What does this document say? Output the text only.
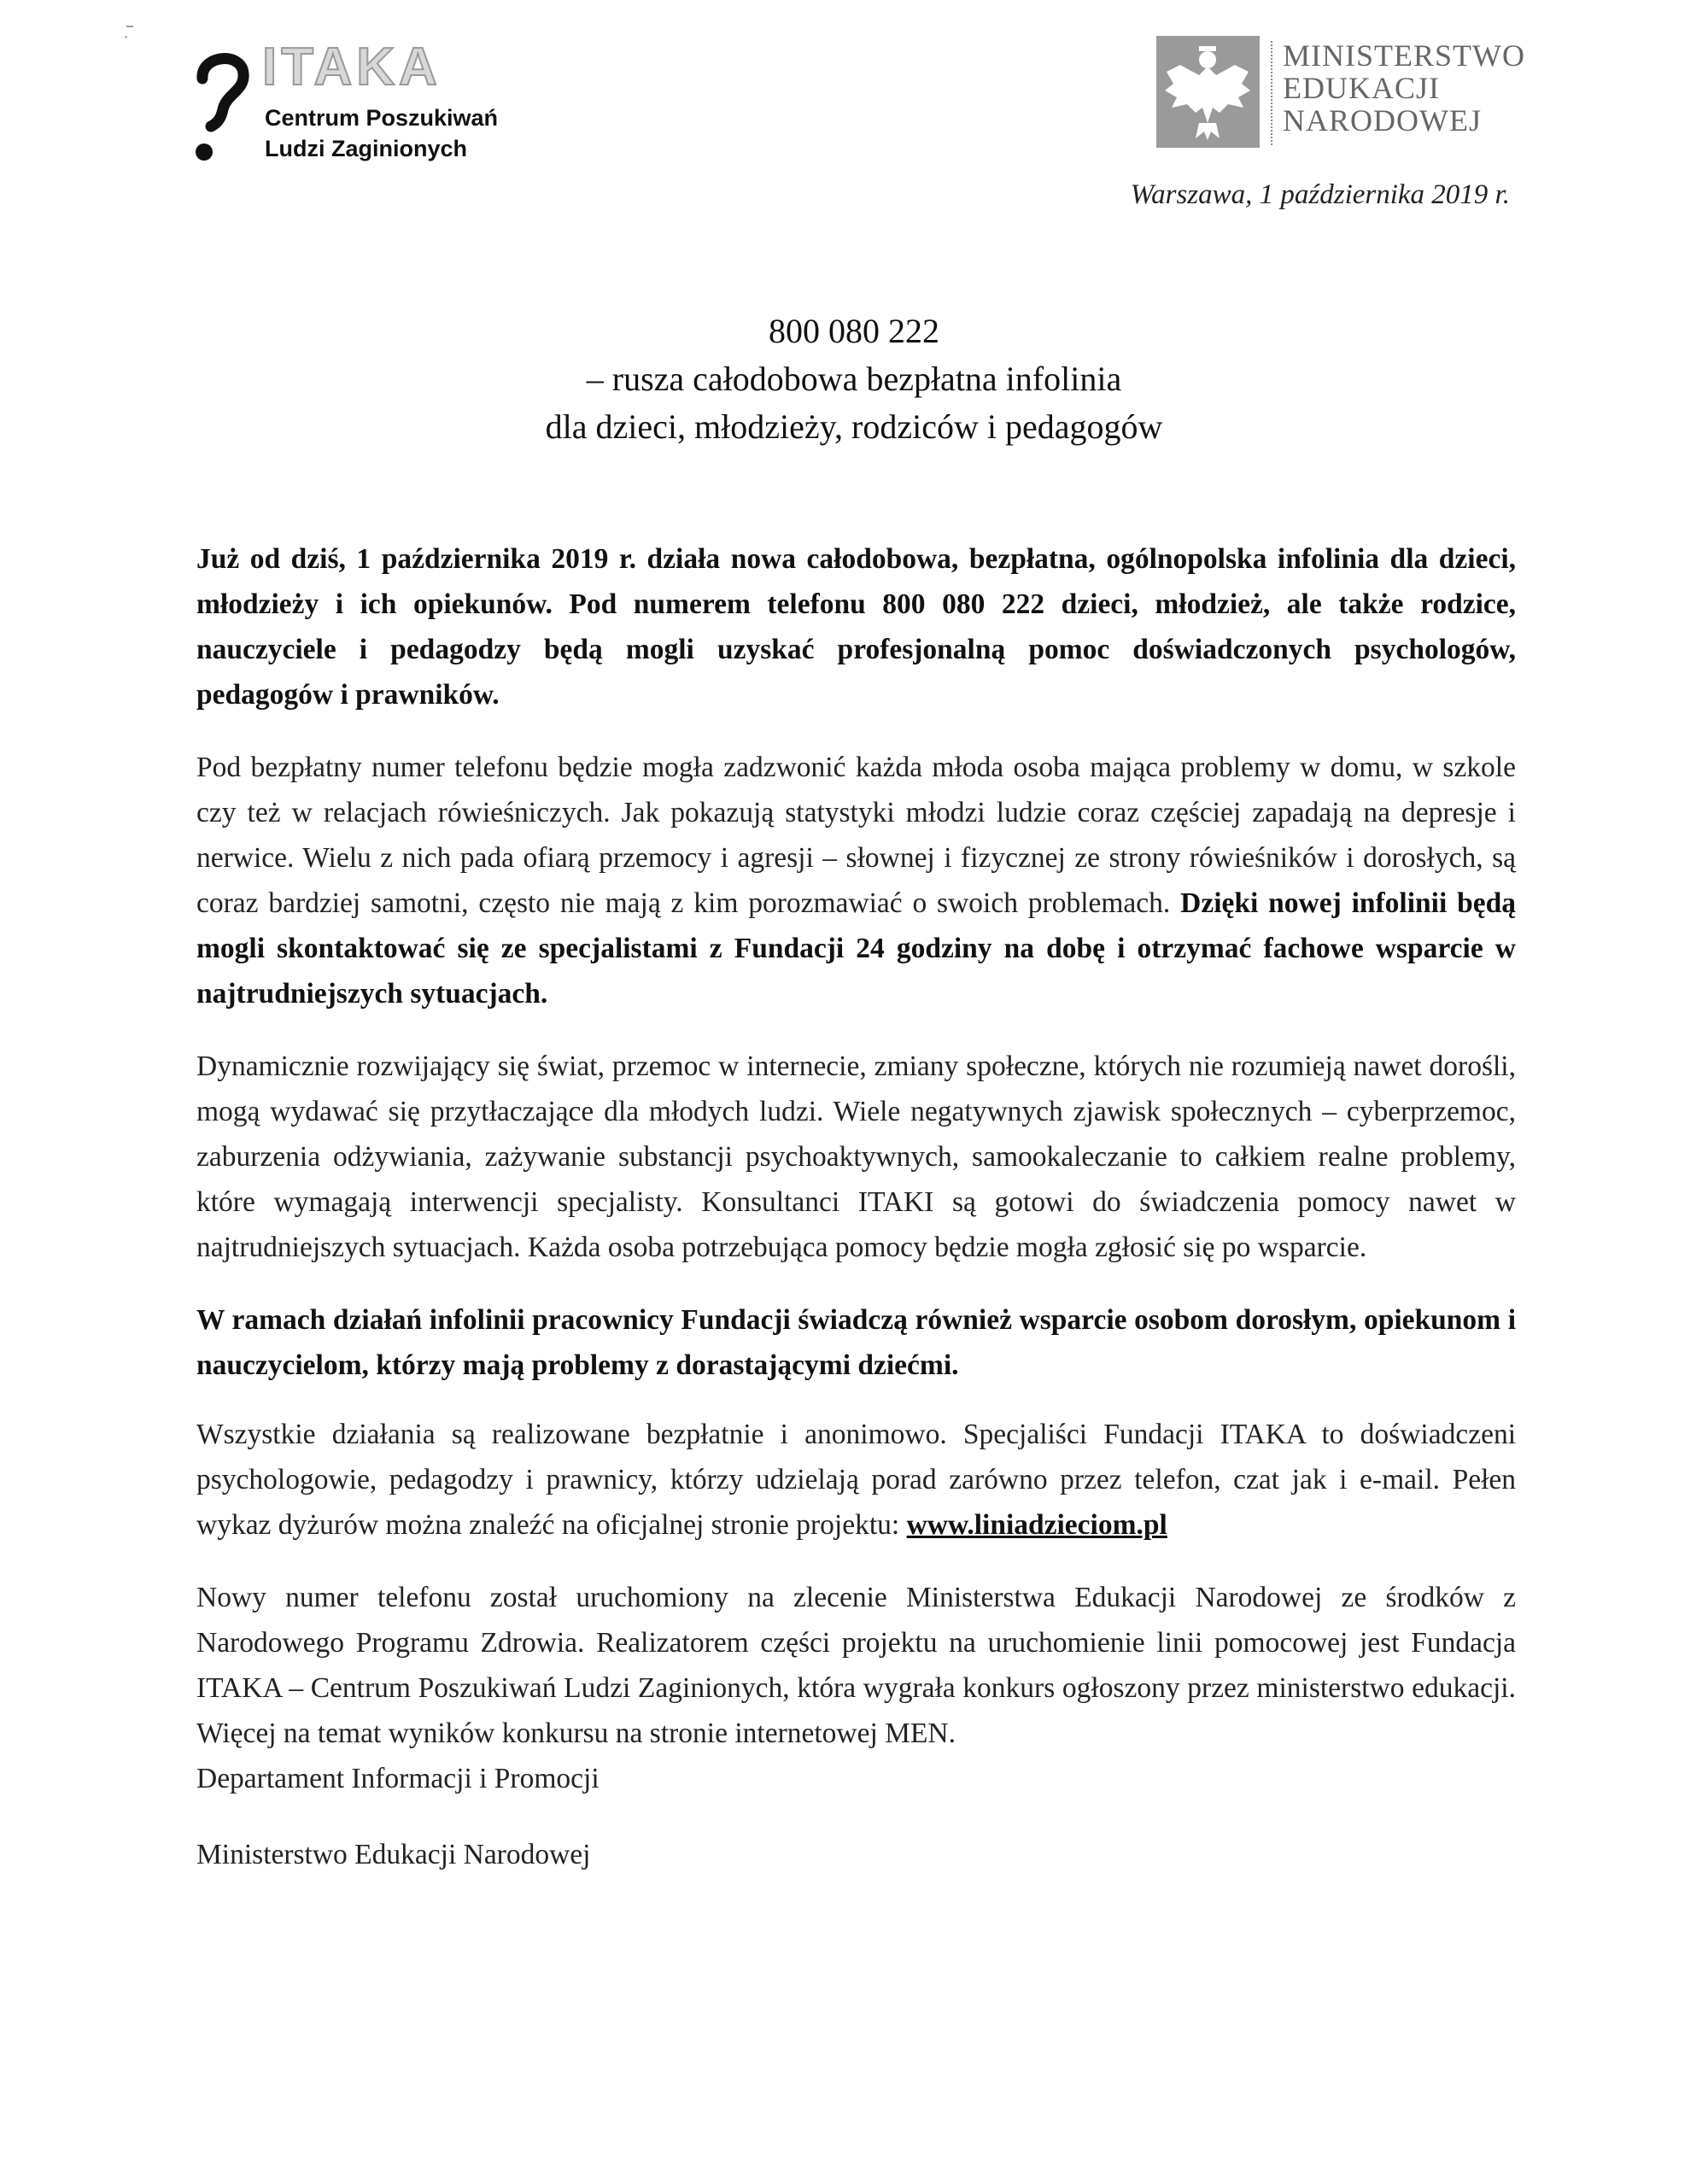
ITAKA
Centrum Poszukiwań
Ludzi Zaginionych
MINISTERSTWO
EDUKACJI
NARODOWEJ
Warszawa, 1 października 2019 r.
800 080 222
– rusza całodobowa bezpłatna infolinia
dla dzieci, młodzieży, rodziców i pedagogów

Już od dziś, 1 października 2019 r. działa nowa całodobowa, bezpłatna, ogólnopolska infolinia dla dzieci, młodzieży i ich opiekunów. Pod numerem telefonu 800 080 222 dzieci, młodzież, ale także rodzice, nauczyciele i pedagodzy będą mogli uzyskać profesjonalną pomoc doświadczonych psychologów, pedagogów i prawników.

Pod bezpłatny numer telefonu będzie mogła zadzwonić każda młoda osoba mająca problemy w domu, w szkole czy też w relacjach rówieśniczych. Jak pokazują statystyki młodzi ludzie coraz częściej zapadają na depresje i nerwice. Wielu z nich pada ofiarą przemocy i agresji – słownej i fizycznej ze strony rówieśników i dorosłych, są coraz bardziej samotni, często nie mają z kim porozmawiać o swoich problemach. Dzięki nowej infolinii będą mogli skontaktować się ze specjalistami z Fundacji 24 godziny na dobę i otrzymać fachowe wsparcie w najtrudniejszych sytuacjach.

Dynamicznie rozwijający się świat, przemoc w internecie, zmiany społeczne, których nie rozumieją nawet dorośli, mogą wydawać się przytłaczające dla młodych ludzi. Wiele negatywnych zjawisk społecznych – cyberprzemoc, zaburzenia odżywiania, zażywanie substancji psychoaktywnych, samookaleczanie to całkiem realne problemy, które wymagają interwencji specjalisty. Konsultanci ITAKI są gotowi do świadczenia pomocy nawet w najtrudniejszych sytuacjach. Każda osoba potrzebująca pomocy będzie mogła zgłosić się po wsparcie.

W ramach działań infolinii pracownicy Fundacji świadczą również wsparcie osobom dorosłym, opiekunom i nauczycielom, którzy mają problemy z dorastającymi dziećmi.

Wszystkie działania są realizowane bezpłatnie i anonimowo. Specjaliści Fundacji ITAKA to doświadczeni psychologowie, pedagodzy i prawnicy, którzy udzielają porad zarówno przez telefon, czat jak i e-mail. Pełen wykaz dyżurów można znaleźć na oficjalnej stronie projektu: www.liniadzieciom.pl

Nowy numer telefonu został uruchomiony na zlecenie Ministerstwa Edukacji Narodowej ze środków z Narodowego Programu Zdrowia. Realizatorem części projektu na uruchomienie linii pomocowej jest Fundacja ITAKA – Centrum Poszukiwań Ludzi Zaginionych, która wygrała konkurs ogłoszony przez ministerstwo edukacji. Więcej na temat wyników konkursu na stronie internetowej MEN.

Departament Informacji i Promocji

Ministerstwo Edukacji Narodowej
